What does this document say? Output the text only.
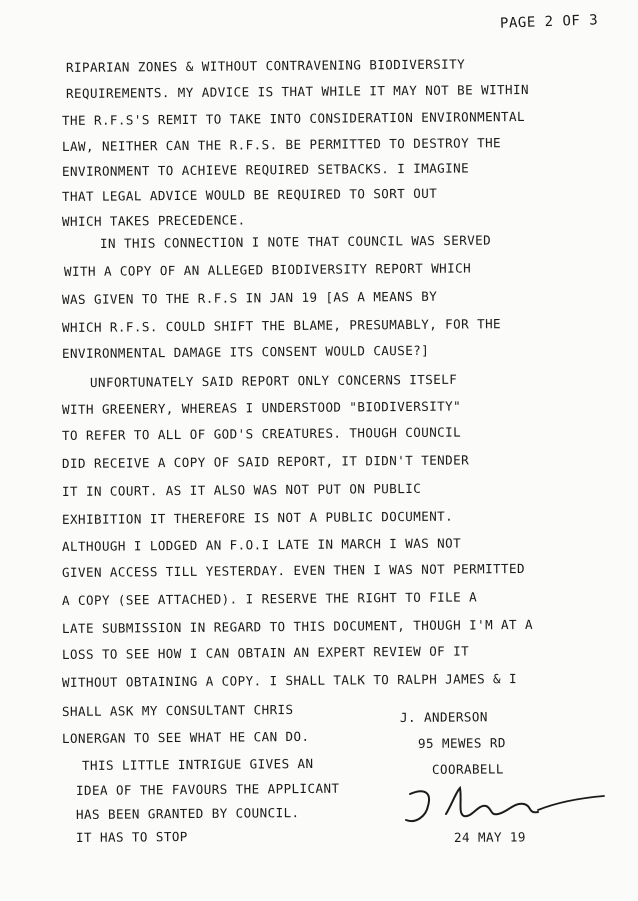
PAGE 2 OF 3
RIPARIAN ZONES & WITHOUT CONTRAVENING BIODIVERSITY
REQUIREMENTS. MY ADVICE IS THAT WHILE IT MAY NOT BE WITHIN
THE R.F.S'S REMIT TO TAKE INTO CONSIDERATION ENVIRONMENTAL
LAW, NEITHER CAN THE R.F.S. BE PERMITTED TO DESTROY THE
ENVIRONMENT TO ACHIEVE REQUIRED SETBACKS. I IMAGINE
THAT LEGAL ADVICE WOULD BE REQUIRED TO SORT OUT
WHICH TAKES PRECEDENCE.
IN THIS CONNECTION I NOTE THAT COUNCIL WAS SERVED
WITH A COPY OF AN ALLEGED BIODIVERSITY REPORT WHICH
WAS GIVEN TO THE R.F.S IN JAN 19 [AS A MEANS BY
WHICH R.F.S. COULD SHIFT THE BLAME, PRESUMABLY, FOR THE
ENVIRONMENTAL DAMAGE ITS CONSENT WOULD CAUSE?]
UNFORTUNATELY SAID REPORT ONLY CONCERNS ITSELF
WITH GREENERY, WHEREAS I UNDERSTOOD "BIODIVERSITY"
TO REFER TO ALL OF GOD'S CREATURES. THOUGH COUNCIL
DID RECEIVE A COPY OF SAID REPORT, IT DIDN'T TENDER
IT IN COURT. AS IT ALSO WAS NOT PUT ON PUBLIC
EXHIBITION IT THEREFORE IS NOT A PUBLIC DOCUMENT.
ALTHOUGH I LODGED AN F.O.I LATE IN MARCH I WAS NOT
GIVEN ACCESS TILL YESTERDAY. EVEN THEN I WAS NOT PERMITTED
A COPY (SEE ATTACHED). I RESERVE THE RIGHT TO FILE A
LATE SUBMISSION IN REGARD TO THIS DOCUMENT, THOUGH I'M AT A
LOSS TO SEE HOW I CAN OBTAIN AN EXPERT REVIEW OF IT
WITHOUT OBTAINING A COPY. I SHALL TALK TO RALPH JAMES & I
SHALL ASK MY CONSULTANT CHRIS
LONERGAN TO SEE WHAT HE CAN DO.
THIS LITTLE INTRIGUE GIVES AN
IDEA OF THE FAVOURS THE APPLICANT
HAS BEEN GRANTED BY COUNCIL.
IT HAS TO STOP
J. ANDERSON
95 MEWES RD
COORABELL
24 MAY 19
